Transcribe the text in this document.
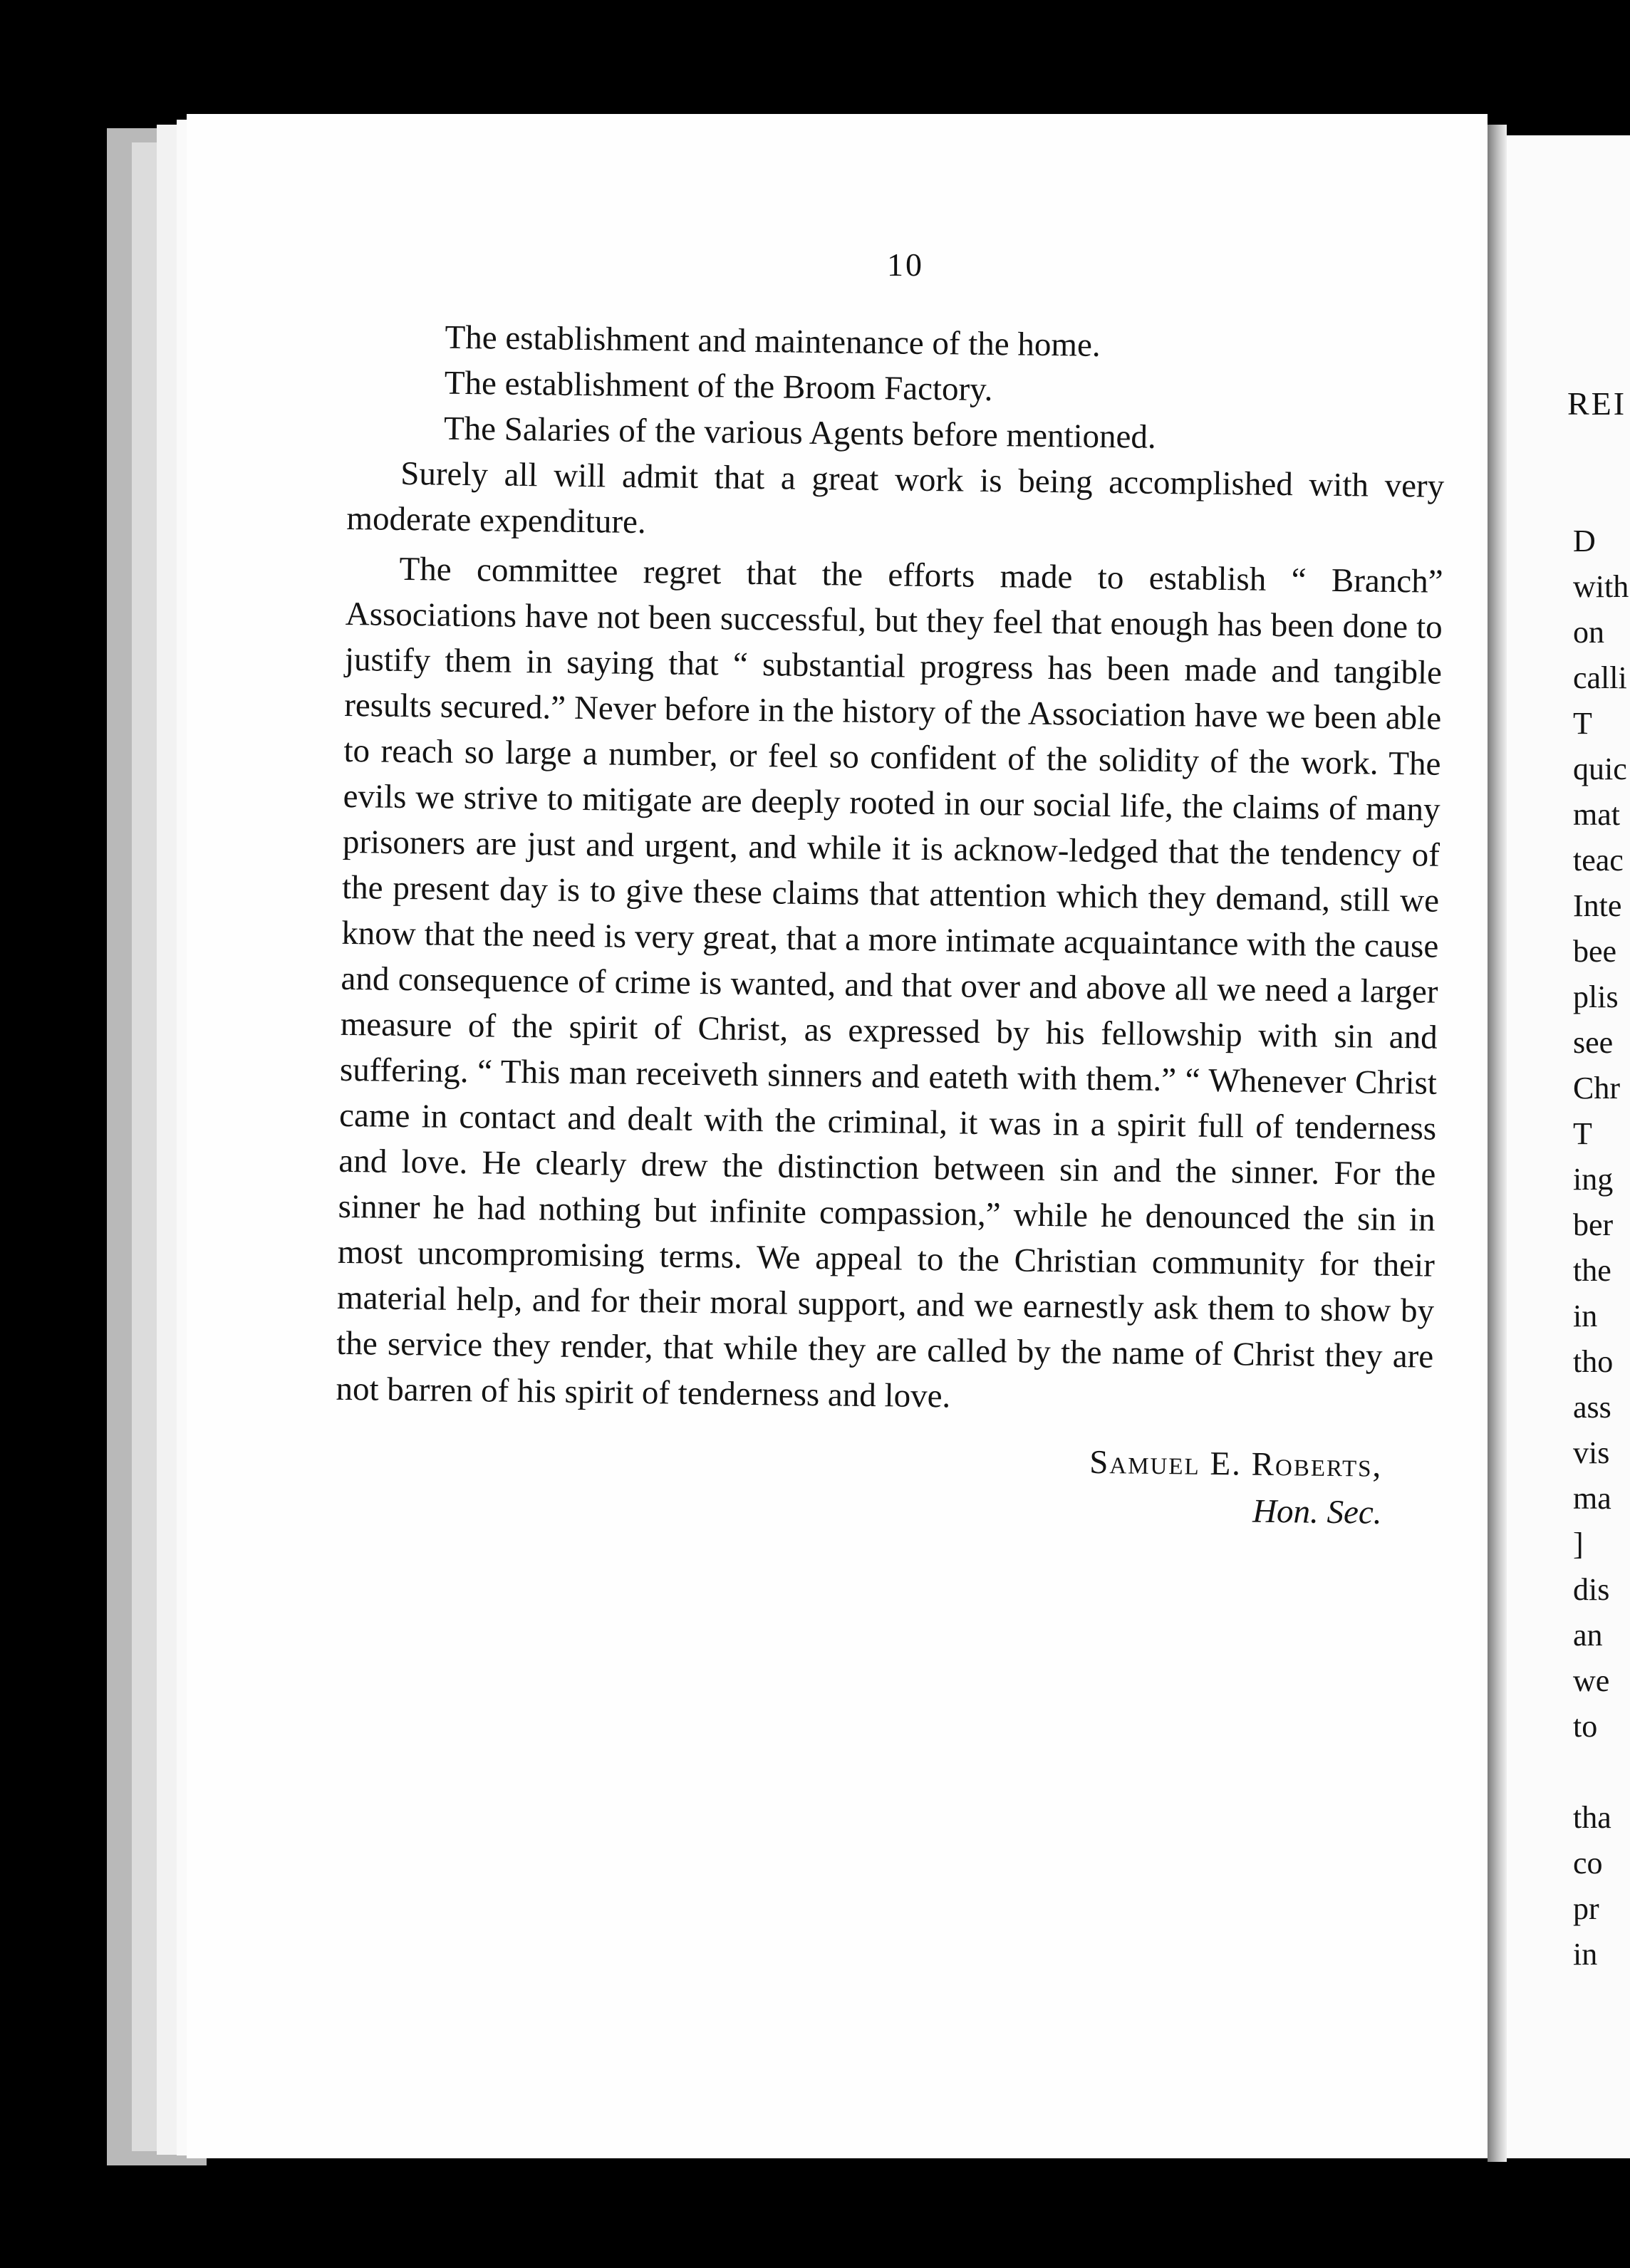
10

The establishment and maintenance of the home.

The establishment of the Broom Factory.

The Salaries of the various Agents before mentioned.

Surely all will admit that a great work is being accomplished with very moderate expenditure.

The committee regret that the efforts made to establish “ Branch” Associations have not been successful, but they feel that enough has been done to justify them in saying that “ substantial progress has been made and tangible results secured.” Never before in the history of the Association have we been able to reach so large a number, or feel so confident of the solidity of the work. The evils we strive to mitigate are deeply rooted in our social life, the claims of many prisoners are just and urgent, and while it is acknow-ledged that the tendency of the present day is to give these claims that attention which they demand, still we know that the need is very great, that a more intimate acquaintance with the cause and consequence of crime is wanted, and that over and above all we need a larger measure of the spirit of Christ, as expressed by his fellowship with sin and suffering. “ This man receiveth sinners and eateth with them.” “ Whenever Christ came in contact and dealt with the criminal, it was in a spirit full of tenderness and love. He clearly drew the distinction between sin and the sinner. For the sinner he had nothing but infinite compassion,” while he denounced the sin in most uncompromising terms. We appeal to the Christian community for their material help, and for their moral support, and we earnestly ask them to show by the service they render, that while they are called by the name of Christ they are not barren of his spirit of tenderness and love.

Samuel E. Roberts,
Hon. Sec.
REI
D
with
on
calli
T
quic
mat
teac
Inte
bee
plis
see
Chr
T
ing
ber
the
in
tho
ass
vis
ma
]
dis
an
we
to

tha
co
pr
in
